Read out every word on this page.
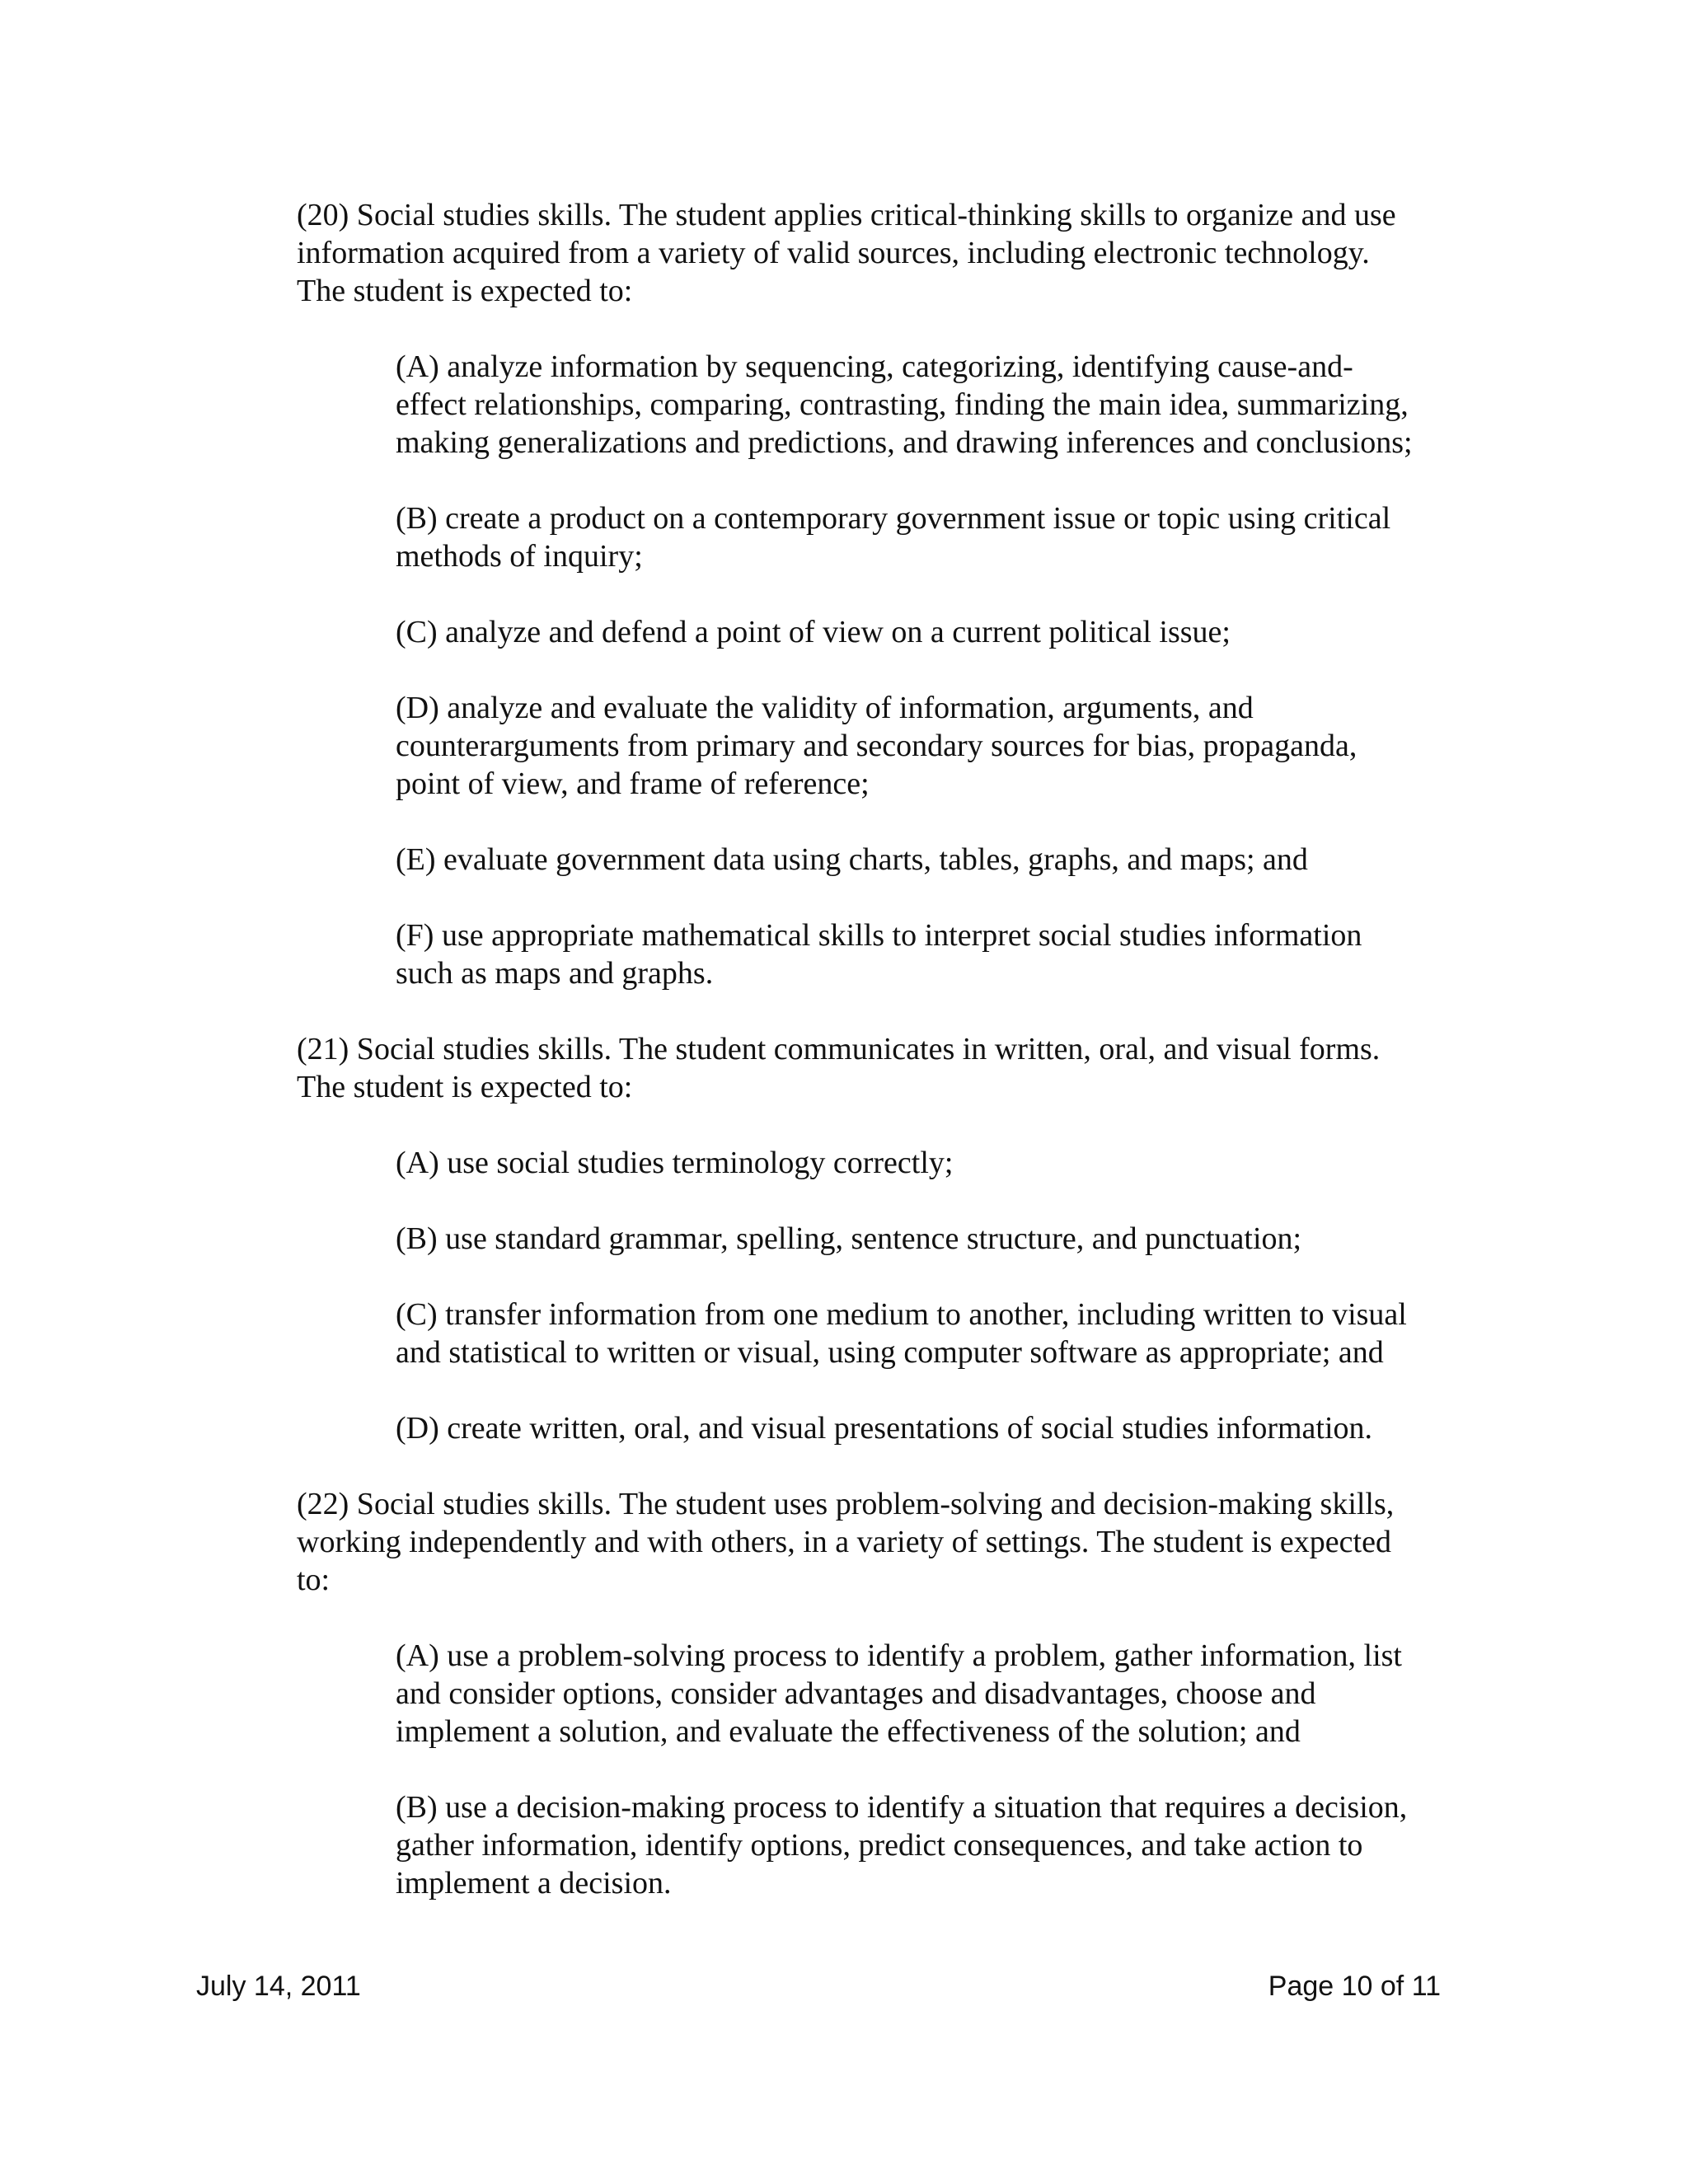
(20) Social studies skills. The student applies critical-thinking skills to organize and use
information acquired from a variety of valid sources, including electronic technology.
The student is expected to:

(A) analyze information by sequencing, categorizing, identifying cause-and-
effect relationships, comparing, contrasting, finding the main idea, summarizing,
making generalizations and predictions, and drawing inferences and conclusions;

(B) create a product on a contemporary government issue or topic using critical
methods of inquiry;

(C) analyze and defend a point of view on a current political issue;

(D) analyze and evaluate the validity of information, arguments, and
counterarguments from primary and secondary sources for bias, propaganda,
point of view, and frame of reference;

(E) evaluate government data using charts, tables, graphs, and maps; and

(F) use appropriate mathematical skills to interpret social studies information
such as maps and graphs.

(21) Social studies skills. The student communicates in written, oral, and visual forms.
The student is expected to:

(A) use social studies terminology correctly;

(B) use standard grammar, spelling, sentence structure, and punctuation;

(C) transfer information from one medium to another, including written to visual
and statistical to written or visual, using computer software as appropriate; and

(D) create written, oral, and visual presentations of social studies information.

(22) Social studies skills. The student uses problem-solving and decision-making skills,
working independently and with others, in a variety of settings. The student is expected
to:

(A) use a problem-solving process to identify a problem, gather information, list
and consider options, consider advantages and disadvantages, choose and
implement a solution, and evaluate the effectiveness of the solution; and

(B) use a decision-making process to identify a situation that requires a decision,
gather information, identify options, predict consequences, and take action to
implement a decision.

July 14, 2011	Page 10 of 11
